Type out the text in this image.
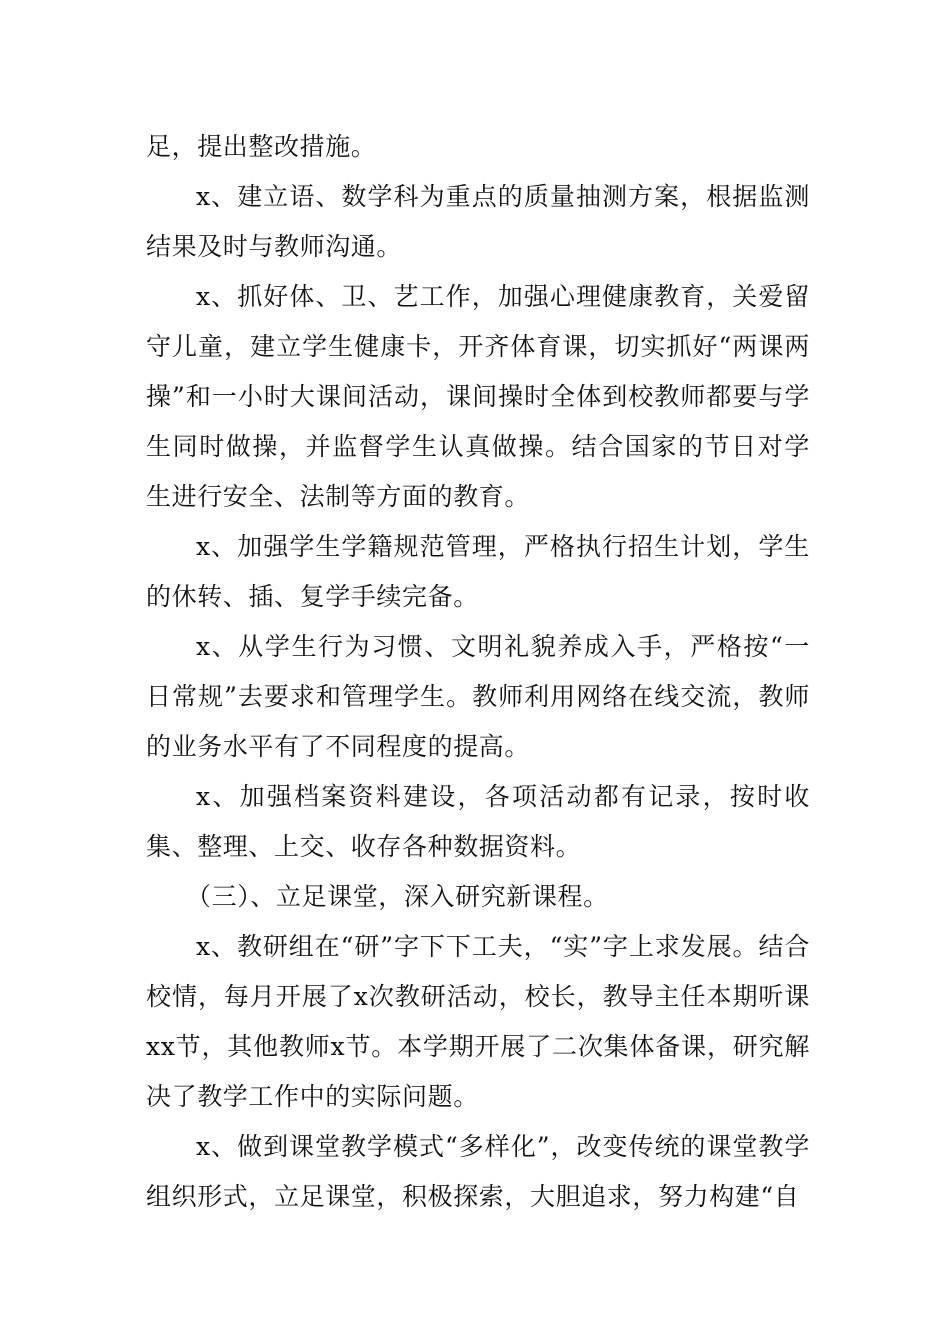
足，提出整改措施。

x、建立语、数学科为重点的质量抽测方案，根据监测结果及时与教师沟通。

x、抓好体、卫、艺工作，加强心理健康教育，关爱留守儿童，建立学生健康卡，开齐体育课，切实抓好“两课两操”和一小时大课间活动，课间操时全体到校教师都要与学生同时做操，并监督学生认真做操。结合国家的节日对学生进行安全、法制等方面的教育。

x、加强学生学籍规范管理，严格执行招生计划，学生的休转、插、复学手续完备。

x、从学生行为习惯、文明礼貌养成入手，严格按“一日常规”去要求和管理学生。教师利用网络在线交流，教师的业务水平有了不同程度的提高。

x、加强档案资料建设，各项活动都有记录，按时收集、整理、上交、收存各种数据资料。

（三）、立足课堂，深入研究新课程。

x、教研组在“研”字下下工夫，“实”字上求发展。结合校情，每月开展了x次教研活动，校长，教导主任本期听课xx节，其他教师x节。本学期开展了二次集体备课，研究解决了教学工作中的实际问题。

x、做到课堂教学模式“多样化”，改变传统的课堂教学组织形式，立足课堂，积极探索，大胆追求，努力构建“自
